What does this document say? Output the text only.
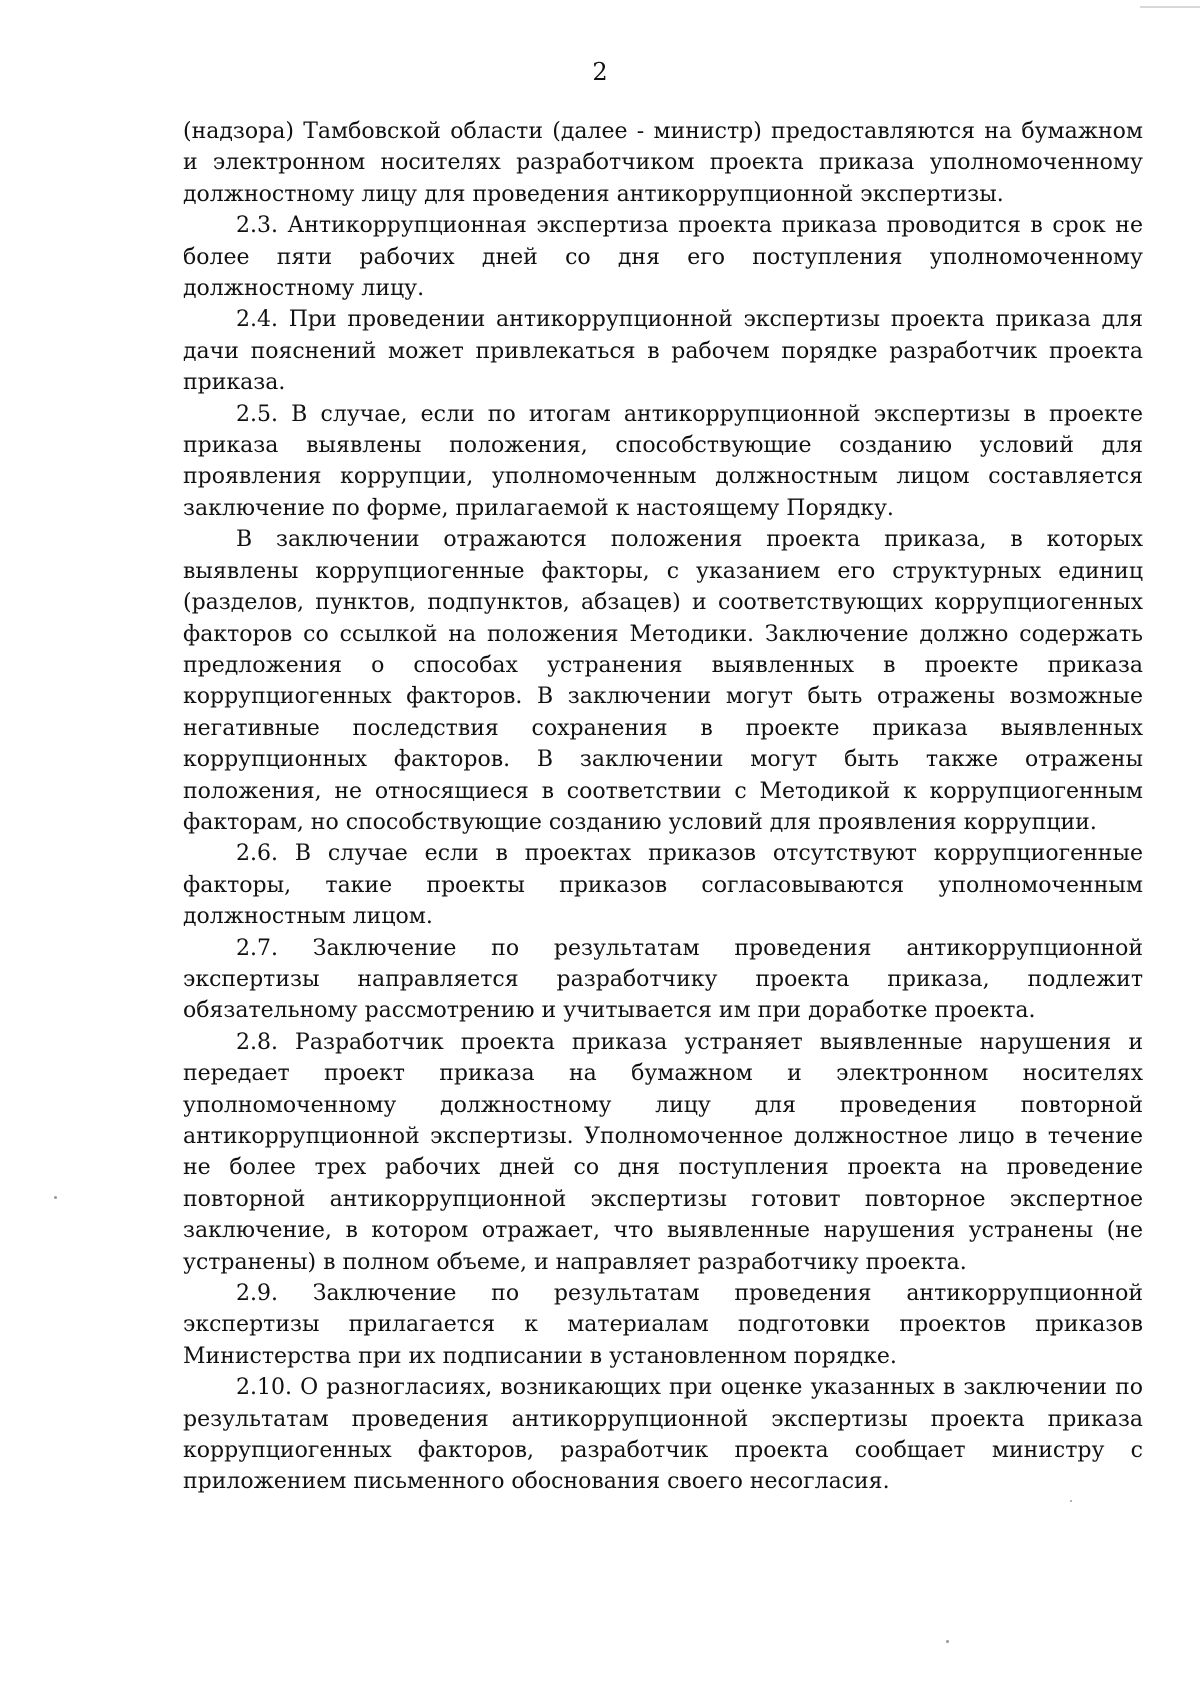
2

(надзора) Тамбовской области (далее - министр) предоставляются на бумажном и электронном носителях разработчиком проекта приказа уполномоченному должностному лицу для проведения антикоррупционной экспертизы.

2.3. Антикоррупционная экспертиза проекта приказа проводится в срок не более пяти рабочих дней со дня его поступления уполномоченному должностному лицу.

2.4. При проведении антикоррупционной экспертизы проекта приказа для дачи пояснений может привлекаться в рабочем порядке разработчик проекта приказа.

2.5. В случае, если по итогам антикоррупционной экспертизы в проекте приказа выявлены положения, способствующие созданию условий для проявления коррупции, уполномоченным должностным лицом составляется заключение по форме, прилагаемой к настоящему Порядку.

В заключении отражаются положения проекта приказа, в которых выявлены коррупциогенные факторы, с указанием его структурных единиц (разделов, пунктов, подпунктов, абзацев) и соответствующих коррупциогенных факторов со ссылкой на положения Методики. Заключение должно содержать предложения о способах устранения выявленных в проекте приказа коррупциогенных факторов. В заключении могут быть отражены возможные негативные последствия сохранения в проекте приказа выявленных коррупционных факторов. В заключении могут быть также отражены положения, не относящиеся в соответствии с Методикой к коррупциогенным факторам, но способствующие созданию условий для проявления коррупции.

2.6. В случае если в проектах приказов отсутствуют коррупциогенные факторы, такие проекты приказов согласовываются уполномоченным должностным лицом.

2.7. Заключение по результатам проведения антикоррупционной экспертизы направляется разработчику проекта приказа, подлежит обязательному рассмотрению и учитывается им при доработке проекта.

2.8. Разработчик проекта приказа устраняет выявленные нарушения и передает проект приказа на бумажном и электронном носителях уполномоченному должностному лицу для проведения повторной антикоррупционной экспертизы. Уполномоченное должностное лицо в течение не более трех рабочих дней со дня поступления проекта на проведение повторной антикоррупционной экспертизы готовит повторное экспертное заключение, в котором отражает, что выявленные нарушения устранены (не устранены) в полном объеме, и направляет разработчику проекта.

2.9. Заключение по результатам проведения антикоррупционной экспертизы прилагается к материалам подготовки проектов приказов Министерства при их подписании в установленном порядке.

2.10. О разногласиях, возникающих при оценке указанных в заключении по результатам проведения антикоррупционной экспертизы проекта приказа коррупциогенных факторов, разработчик проекта сообщает министру с приложением письменного обоснования своего несогласия.
